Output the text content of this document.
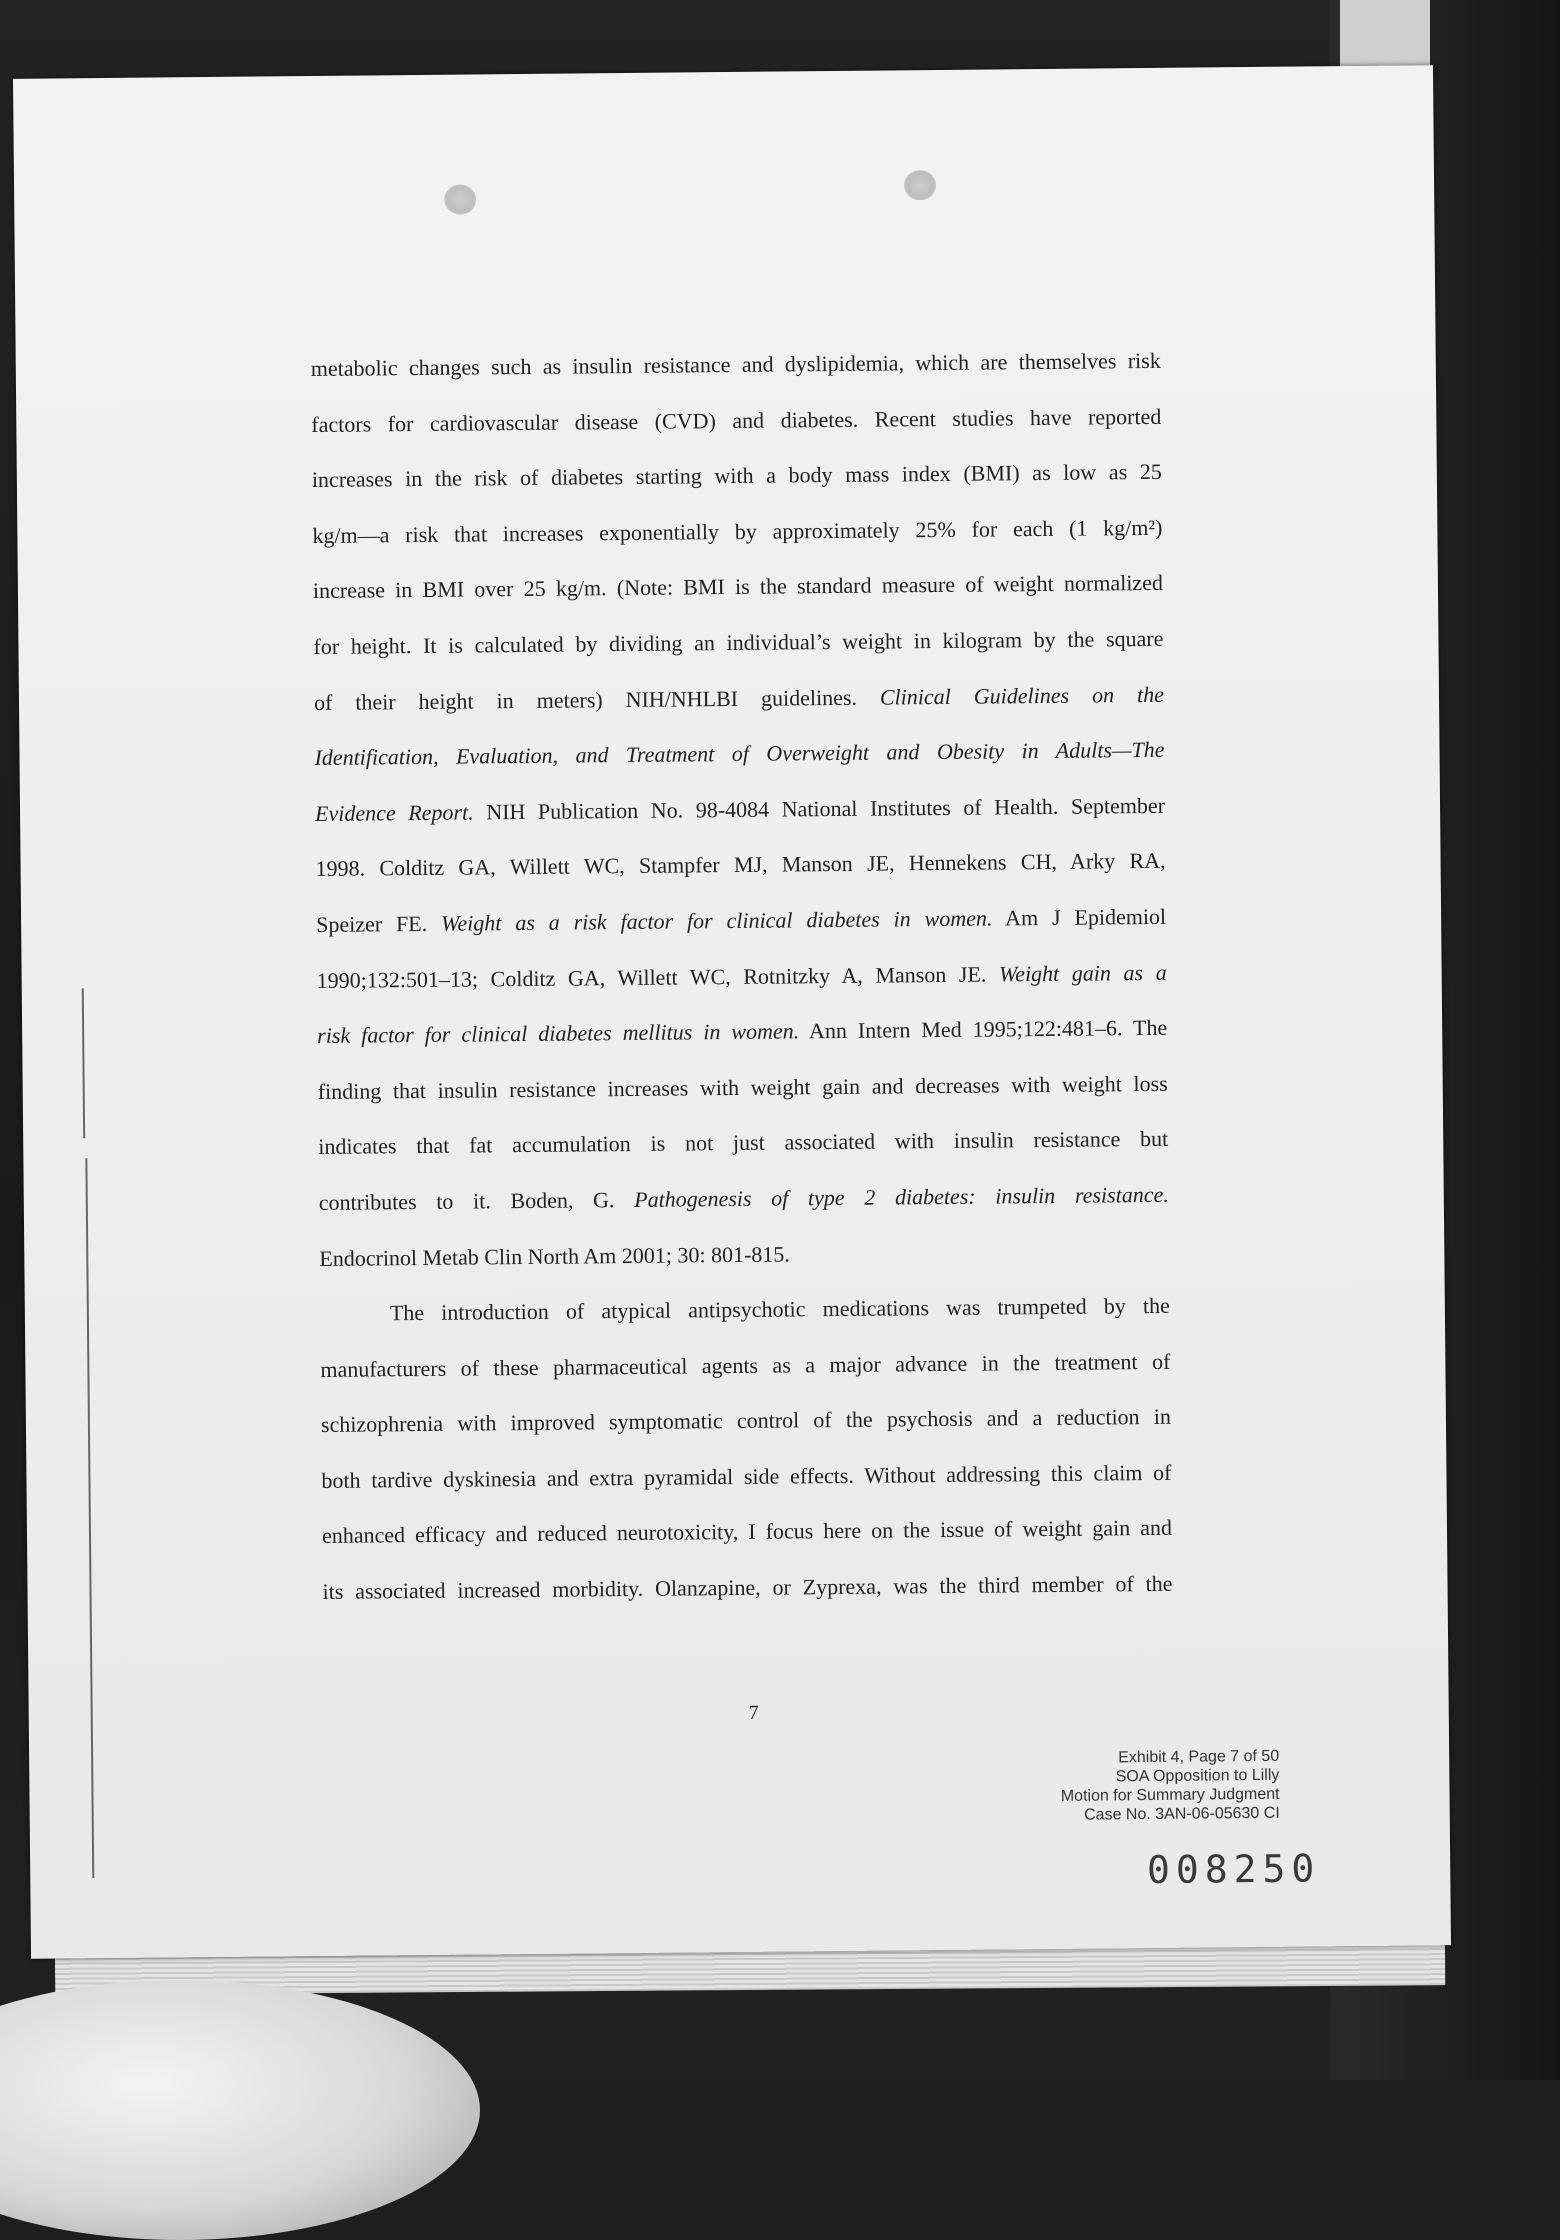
metabolic changes such as insulin resistance and dyslipidemia, which are themselves risk
factors for cardiovascular disease (CVD) and diabetes. Recent studies have reported
increases in the risk of diabetes starting with a body mass index (BMI) as low as 25
kg/m—a risk that increases exponentially by approximately 25% for each (1 kg/m²)
increase in BMI over 25 kg/m. (Note: BMI is the standard measure of weight normalized
for height. It is calculated by dividing an individual’s weight in kilogram by the square
of their height in meters) NIH/NHLBI guidelines. Clinical Guidelines on the
Identification, Evaluation, and Treatment of Overweight and Obesity in Adults—The
Evidence Report. NIH Publication No. 98-4084 National Institutes of Health. September
1998. Colditz GA, Willett WC, Stampfer MJ, Manson JE, Hennekens CH, Arky RA,
Speizer FE. Weight as a risk factor for clinical diabetes in women. Am J Epidemiol
1990;132:501–13; Colditz GA, Willett WC, Rotnitzky A, Manson JE. Weight gain as a
risk factor for clinical diabetes mellitus in women. Ann Intern Med 1995;122:481–6. The
finding that insulin resistance increases with weight gain and decreases with weight loss
indicates that fat accumulation is not just associated with insulin resistance but
contributes to it. Boden, G. Pathogenesis of type 2 diabetes: insulin resistance.
Endocrinol Metab Clin North Am 2001; 30: 801-815.
The introduction of atypical antipsychotic medications was trumpeted by the
manufacturers of these pharmaceutical agents as a major advance in the treatment of
schizophrenia with improved symptomatic control of the psychosis and a reduction in
both tardive dyskinesia and extra pyramidal side effects. Without addressing this claim of
enhanced efficacy and reduced neurotoxicity, I focus here on the issue of weight gain and
its associated increased morbidity. Olanzapine, or Zyprexa, was the third member of the
7
Exhibit 4, Page 7 of 50
SOA Opposition to Lilly
Motion for Summary Judgment
Case No. 3AN-06-05630 CI
008250
